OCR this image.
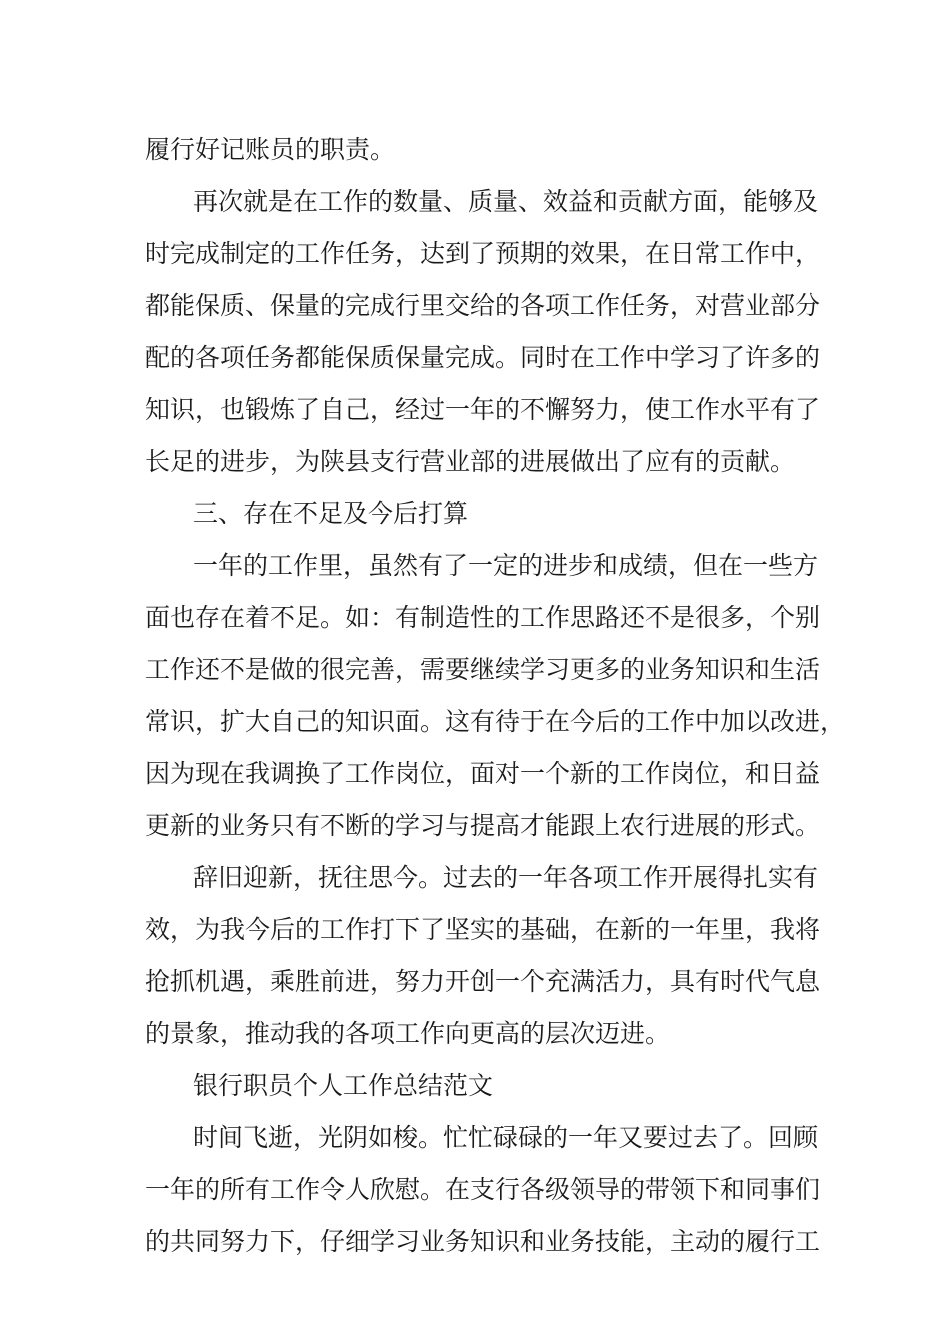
履行好记账员的职责。
再次就是在工作的数量、质量、效益和贡献方面，能够及
时完成制定的工作任务，达到了预期的效果，在日常工作中，
都能保质、保量的完成行里交给的各项工作任务，对营业部分
配的各项任务都能保质保量完成。同时在工作中学习了许多的
知识，也锻炼了自己，经过一年的不懈努力，使工作水平有了
长足的进步，为陕县支行营业部的进展做出了应有的贡献。
三、存在不足及今后打算
一年的工作里，虽然有了一定的进步和成绩，但在一些方
面也存在着不足。如：有制造性的工作思路还不是很多，个别
工作还不是做的很完善，需要继续学习更多的业务知识和生活
常识，扩大自己的知识面。这有待于在今后的工作中加以改进，
因为现在我调换了工作岗位，面对一个新的工作岗位，和日益
更新的业务只有不断的学习与提高才能跟上农行进展的形式。
辞旧迎新，抚往思今。过去的一年各项工作开展得扎实有
效，为我今后的工作打下了坚实的基础，在新的一年里，我将
抢抓机遇，乘胜前进，努力开创一个充满活力，具有时代气息
的景象，推动我的各项工作向更高的层次迈进。
银行职员个人工作总结范文
时间飞逝，光阴如梭。忙忙碌碌的一年又要过去了。回顾
一年的所有工作令人欣慰。在支行各级领导的带领下和同事们
的共同努力下，仔细学习业务知识和业务技能，主动的履行工
